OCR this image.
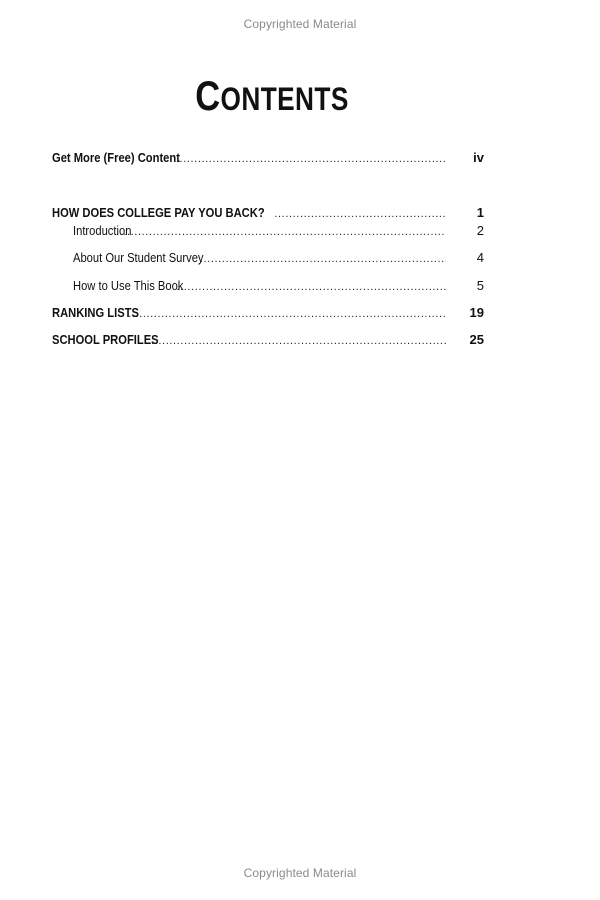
Copyrighted Material
CONTENTS
Get More (Free) Content .....	iv
HOW DOES COLLEGE PAY YOU BACK? .....	1
Introduction .....	2
About Our Student Survey .....	4
How to Use This Book .....	5
RANKING LISTS .....	19
SCHOOL PROFILES .....	25
Copyrighted Material
